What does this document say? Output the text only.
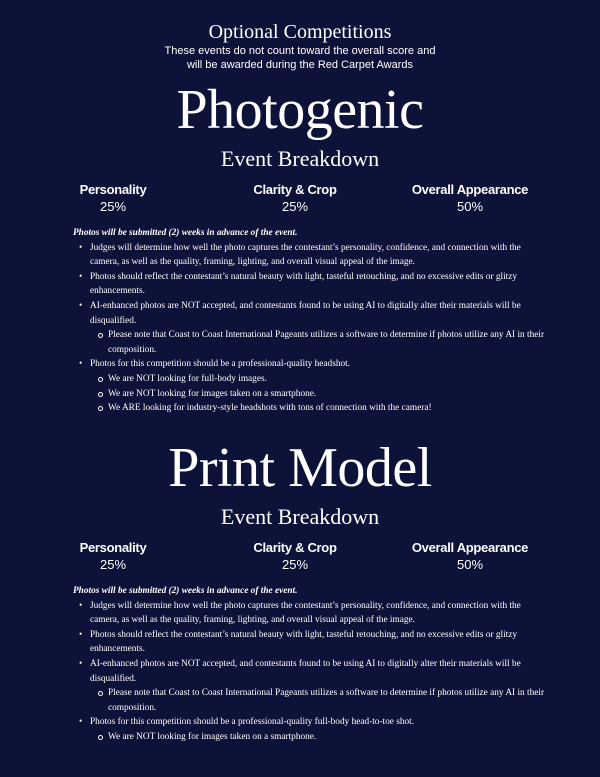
Optional Competitions
These events do not count toward the overall score and
will be awarded during the Red Carpet Awards
Photogenic
Event Breakdown
Personality
25%
Clarity & Crop
25%
Overall Appearance
50%
Photos will be submitted (2) weeks in advance of the event.
• Judges will determine how well the photo captures the contestant’s personality, confidence, and connection with the camera, as well as the quality, framing, lighting, and overall visual appeal of the image.
• Photos should reflect the contestant’s natural beauty with light, tasteful retouching, and no excessive edits or glitzy enhancements.
• AI-enhanced photos are NOT accepted, and contestants found to be using AI to digitally alter their materials will be disqualified.
Please note that Coast to Coast International Pageants utilizes a software to determine if photos utilize any AI in their composition.
• Photos for this competition should be a professional-quality headshot.
We are NOT looking for full-body images.
We are NOT looking for images taken on a smartphone.
We ARE looking for industry-style headshots with tons of connection with the camera!
Print Model
Event Breakdown
Personality
25%
Clarity & Crop
25%
Overall Appearance
50%
Photos will be submitted (2) weeks in advance of the event.
• Judges will determine how well the photo captures the contestant’s personality, confidence, and connection with the camera, as well as the quality, framing, lighting, and overall visual appeal of the image.
• Photos should reflect the contestant’s natural beauty with light, tasteful retouching, and no excessive edits or glitzy enhancements.
• AI-enhanced photos are NOT accepted, and contestants found to be using AI to digitally alter their materials will be disqualified.
Please note that Coast to Coast International Pageants utilizes a software to determine if photos utilize any AI in their composition.
• Photos for this competition should be a professional-quality full-body head-to-toe shot.
We are NOT looking for images taken on a smartphone.
